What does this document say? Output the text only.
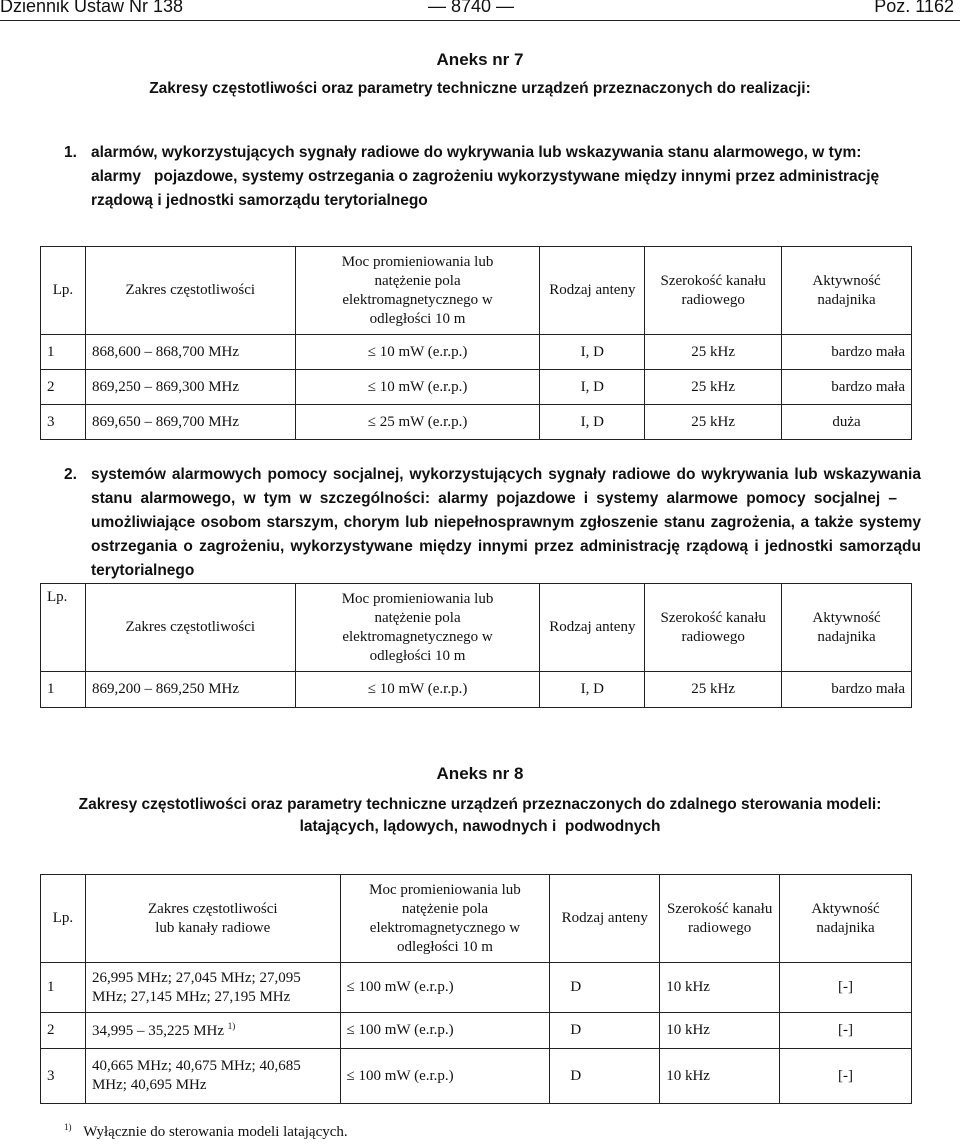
Dziennik Ustaw Nr 138	— 8740 —	Poz. 1162
Aneks nr 7
Zakresy częstotliwości oraz parametry techniczne urządzeń przeznaczonych do realizacji:
1. alarmów, wykorzystujących sygnały radiowe do wykrywania lub wskazywania stanu alarmowego, w tym:
alarmy   pojazdowe, systemy ostrzegania o zagrożeniu wykorzystywane między innymi przez administrację
rządową i jednostki samorządu terytorialnego
Lp.	Zakres częstotliwości	Moc promieniowania lub
natężenie pola
elektromagnetycznego w
odległości 10 m	Rodzaj anteny	Szerokość kanału
radiowego	Aktywność
nadajnika
1	868,600 – 868,700 MHz	≤ 10 mW (e.r.p.)	I, D	25 kHz	bardzo mała
2	869,250 – 869,300 MHz	≤ 10 mW (e.r.p.)	I, D	25 kHz	bardzo mała
3	869,650 – 869,700 MHz	≤ 25 mW (e.r.p.)	I, D	25 kHz	duża
2. systemów alarmowych pomocy socjalnej, wykorzystujących sygnały radiowe do wykrywania lub wskazywania
stanu alarmowego, w tym w szczególności: alarmy pojazdowe i systemy alarmowe pomocy socjalnej –
umożliwiające osobom starszym, chorym lub niepełnosprawnym zgłoszenie stanu zagrożenia, a także systemy
ostrzegania o zagrożeniu, wykorzystywane między innymi przez administrację rządową i jednostki samorządu
terytorialnego
Lp.	Zakres częstotliwości	Moc promieniowania lub
natężenie pola
elektromagnetycznego w
odległości 10 m	Rodzaj anteny	Szerokość kanału
radiowego	Aktywność
nadajnika
1	869,200 – 869,250 MHz	≤ 10 mW (e.r.p.)	I, D	25 kHz	bardzo mała
Aneks nr 8
Zakresy częstotliwości oraz parametry techniczne urządzeń przeznaczonych do zdalnego sterowania modeli:
latających, lądowych, nawodnych i  podwodnych
Lp.	Zakres częstotliwości
lub kanały radiowe	Moc promieniowania lub
natężenie pola
elektromagnetycznego w
odległości 10 m	Rodzaj anteny	Szerokość kanału
radiowego	Aktywność
nadajnika
1	26,995 MHz; 27,045 MHz; 27,095
MHz; 27,145 MHz; 27,195 MHz	≤ 100 mW (e.r.p.)	D	10 kHz	[-]
2	34,995 – 35,225 MHz $^{1)}$	≤ 100 mW (e.r.p.)	D	10 kHz	[-]
3	40,665 MHz; 40,675 MHz; 40,685
MHz; 40,695 MHz	≤ 100 mW (e.r.p.)	D	10 kHz	[-]
$^{1)}$ Wyłącznie do sterowania modeli latających.
